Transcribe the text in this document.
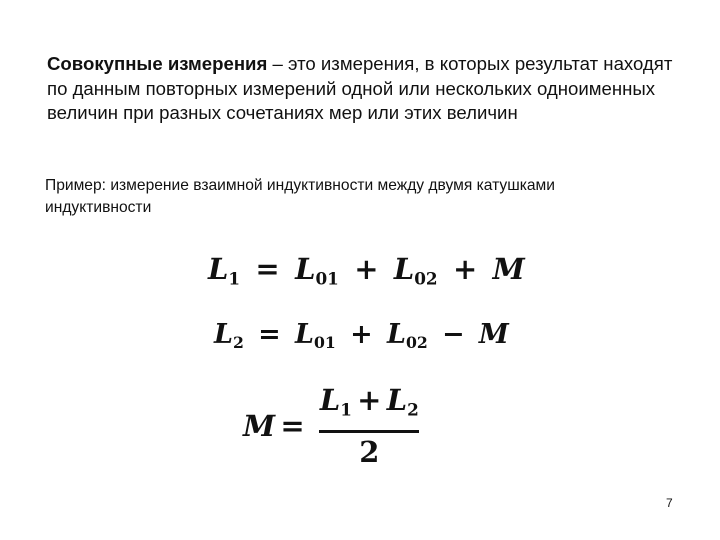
Совокупные измерения – это измерения, в которых результат находят по данным повторных измерений одной или нескольких одноименных величин при разных сочетаниях мер или этих величин

Пример: измерение взаимной индуктивности между двумя катушками индуктивности

$L_1 = L_{01} + L_{02} + M$
$L_2 = L_{01} + L_{02} - M$
$M = \frac{L_1 + L_2}{2}$
7
